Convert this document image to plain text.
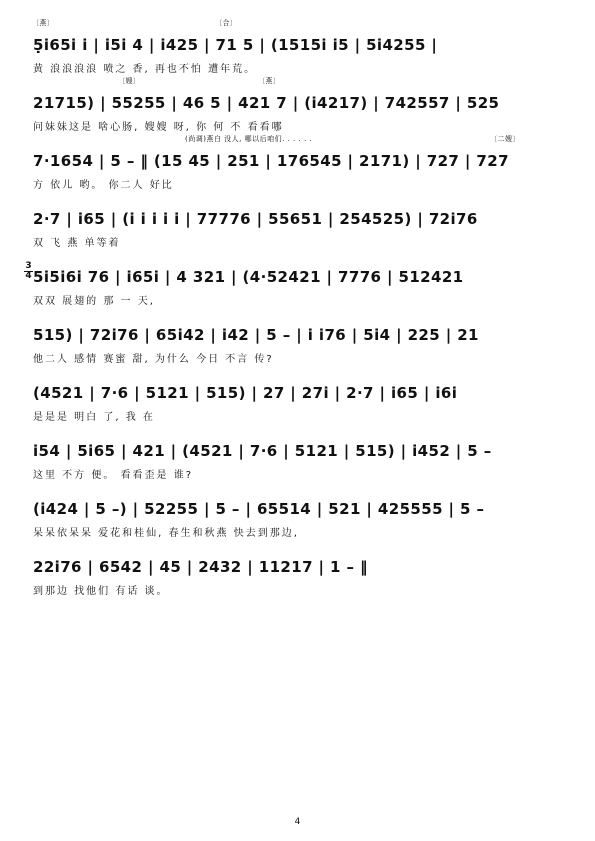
〔燕〕	〔合〕
5̣i65i i | i5i 4 | i425 | 71 5 | (1515i i5 | 5i4255 |
黄 浪浪浪浪 喷之 香, 再也不怕 遭年荒。
〔嫂〕	〔燕〕
21715) | 55255 | 46 5 | 421 7 | (i4217) | 742557 | 525
问妹妹这是 啥心肠, 嫂嫂 呀, 你 何 不 看看哪
(尚调)燕白 没人, 哪以后咱们. . . . . .	〔二嫂〕
7·1654 | 5 – ‖ (15 45 | 251 | 176545 | 2171) | 727 | 727
方 依儿 哟。 你二人 好比
2·7 | i65 | (i i i i i | 77776 | 55651 | 254525) | 72i76
双 飞 燕 单等着
3
4 5i5i6i 76 | i65i | 4 321 | (4·52421 | 7776 | 512421
双双 展翅的 那 一 天,
515) | 72i76 | 65i42 | i42 | 5 – | i i76 | 5i4 | 225 | 21
他二人 感情 赛蜜 甜, 为什么 今日 不言 传?
(4521 | 7·6 | 5121 | 515) | 27 | 27i | 2·7 | i65 | i6i
是是是 明白 了, 我 在
i54 | 5i65 | 421 | (4521 | 7·6 | 5121 | 515) | i452 | 5 –
这里 不方 便。 看看歪是 谁?
(i424 | 5 –) | 52255 | 5 – | 65514 | 521 | 425555 | 5 –
呆呆依呆呆 爱花和桂仙, 春生和秋燕 快去到那边,
22i76 | 6542 | 45 | 2432 | 11217 | 1 – ‖
到那边 找他们 有话 谈。
4
